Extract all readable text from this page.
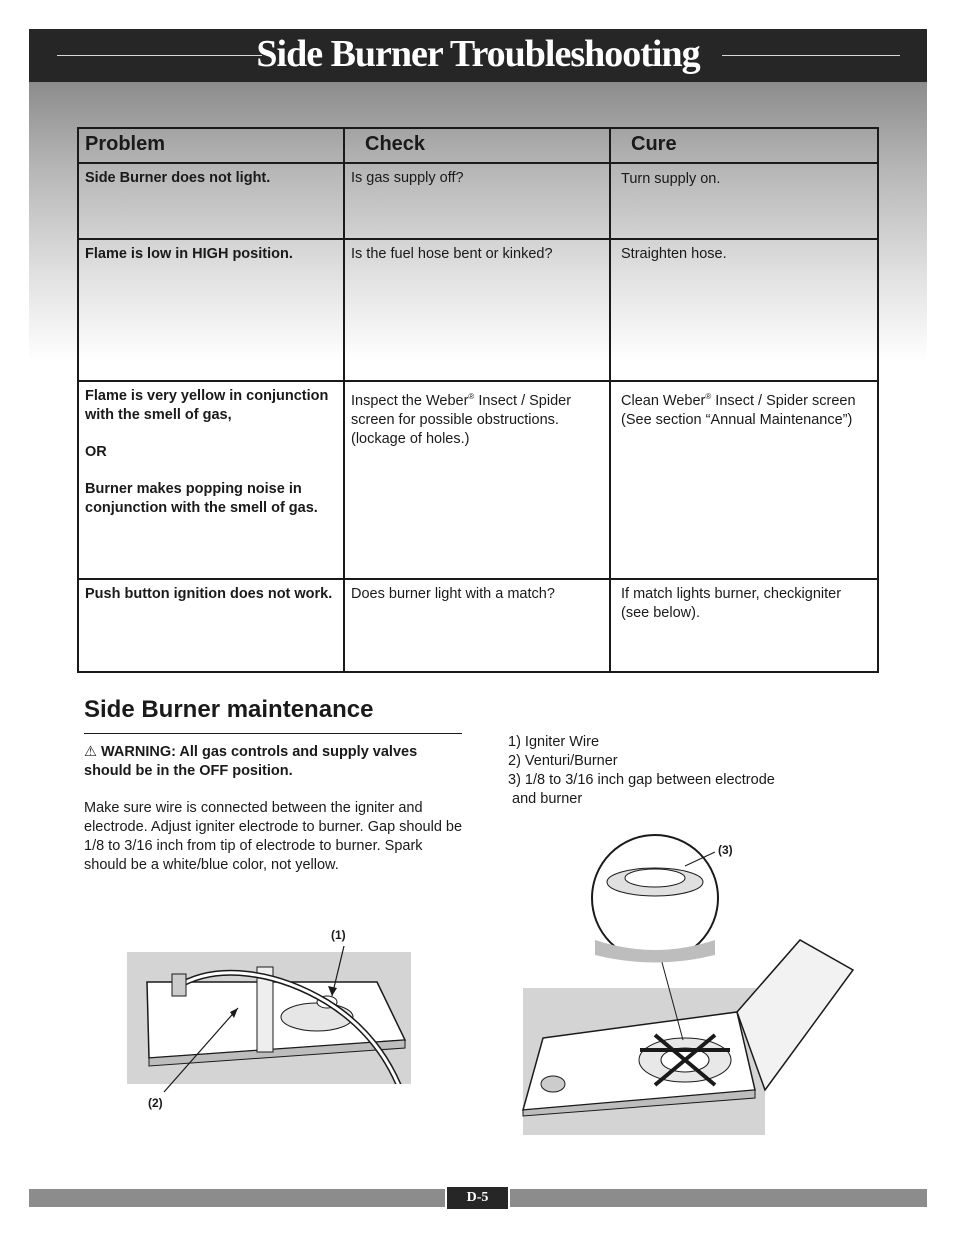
Side Burner Troubleshooting
Problem	Check	Cure

Side Burner does not light.	Is gas supply off?	Turn supply on.

Flame is low in HIGH position.	Is the fuel hose bent or kinked?	Straighten hose.

Flame is very yellow in conjunction with the smell of gas,
OR
Burner makes popping noise in conjunction with the smell of gas.	Inspect the Weber® Insect / Spider screen for possible obstructions. (lockage of holes.)	Clean Weber® Insect / Spider screen (See section “Annual Maintenance”)

Push button ignition does not work.	Does burner light with a match?	If match lights burner, checkigniter (see below).
Side Burner maintenance
⚠ WARNING: All gas controls and supply valves should be in the OFF position.
Make sure wire is connected between the igniter and electrode. Adjust igniter electrode to burner. Gap should be 1/8 to 3/16 inch from tip of electrode to burner. Spark should be a white/blue color, not yellow.
1) Igniter Wire
2) Venturi/Burner
3) 1/8 to 3/16 inch gap between electrode
and burner
(1)
(2)
(3)
D-5
